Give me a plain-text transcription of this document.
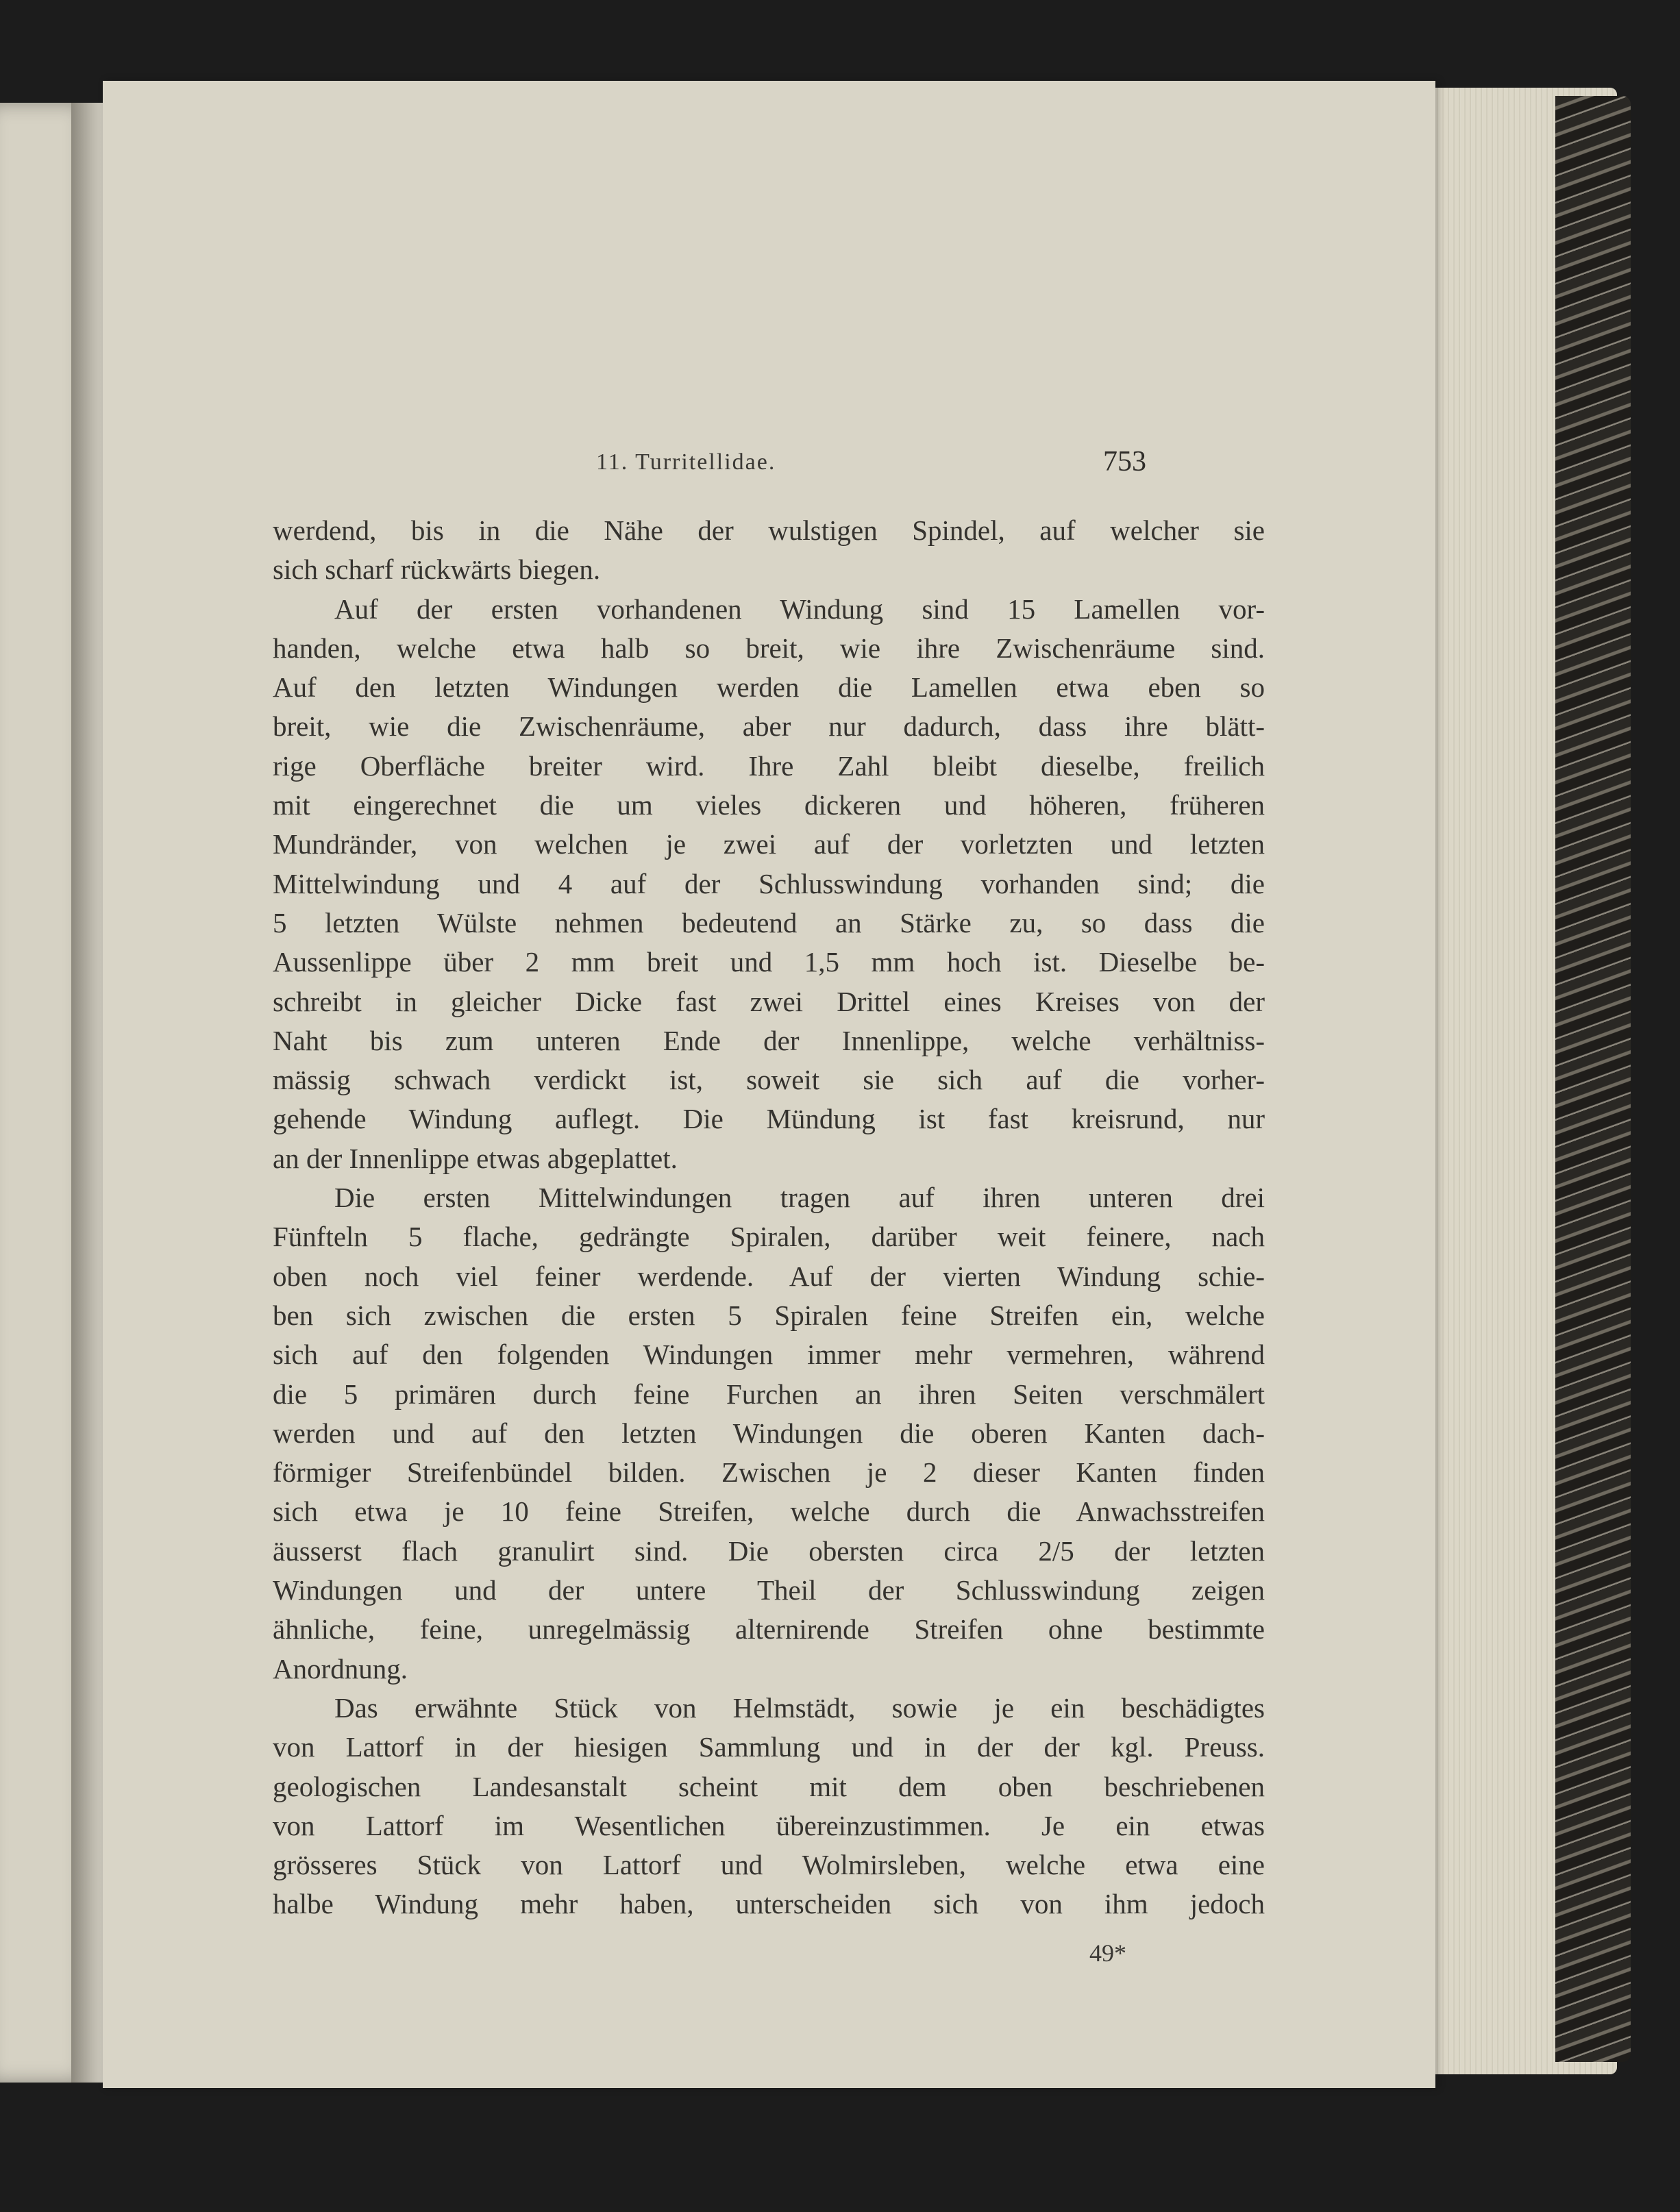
11. Turritellidae.	753
werdend, bis in die Nähe der wulstigen Spindel, auf welcher sie
sich scharf rückwärts biegen.
Auf der ersten vorhandenen Windung sind 15 Lamellen vor-
handen, welche etwa halb so breit, wie ihre Zwischenräume sind.
Auf den letzten Windungen werden die Lamellen etwa eben so
breit, wie die Zwischenräume, aber nur dadurch, dass ihre blätt-
rige Oberfläche breiter wird. Ihre Zahl bleibt dieselbe, freilich
mit eingerechnet die um vieles dickeren und höheren, früheren
Mundränder, von welchen je zwei auf der vorletzten und letzten
Mittelwindung und 4 auf der Schlusswindung vorhanden sind; die
5 letzten Wülste nehmen bedeutend an Stärke zu, so dass die
Aussenlippe über 2 mm breit und 1,5 mm hoch ist. Dieselbe be-
schreibt in gleicher Dicke fast zwei Drittel eines Kreises von der
Naht bis zum unteren Ende der Innenlippe, welche verhältniss-
mässig schwach verdickt ist, soweit sie sich auf die vorher-
gehende Windung auflegt. Die Mündung ist fast kreisrund, nur
an der Innenlippe etwas abgeplattet.
Die ersten Mittelwindungen tragen auf ihren unteren drei
Fünfteln 5 flache, gedrängte Spiralen, darüber weit feinere, nach
oben noch viel feiner werdende. Auf der vierten Windung schie-
ben sich zwischen die ersten 5 Spiralen feine Streifen ein, welche
sich auf den folgenden Windungen immer mehr vermehren, während
die 5 primären durch feine Furchen an ihren Seiten verschmälert
werden und auf den letzten Windungen die oberen Kanten dach-
förmiger Streifenbündel bilden. Zwischen je 2 dieser Kanten finden
sich etwa je 10 feine Streifen, welche durch die Anwachsstreifen
äusserst flach granulirt sind. Die obersten circa 2/5 der letzten
Windungen und der untere Theil der Schlusswindung zeigen
ähnliche, feine, unregelmässig alternirende Streifen ohne bestimmte
Anordnung.
Das erwähnte Stück von Helmstädt, sowie je ein beschädigtes
von Lattorf in der hiesigen Sammlung und in der der kgl. Preuss.
geologischen Landesanstalt scheint mit dem oben beschriebenen
von Lattorf im Wesentlichen übereinzustimmen. Je ein etwas
grösseres Stück von Lattorf und Wolmirsleben, welche etwa eine
halbe Windung mehr haben, unterscheiden sich von ihm jedoch
49*
